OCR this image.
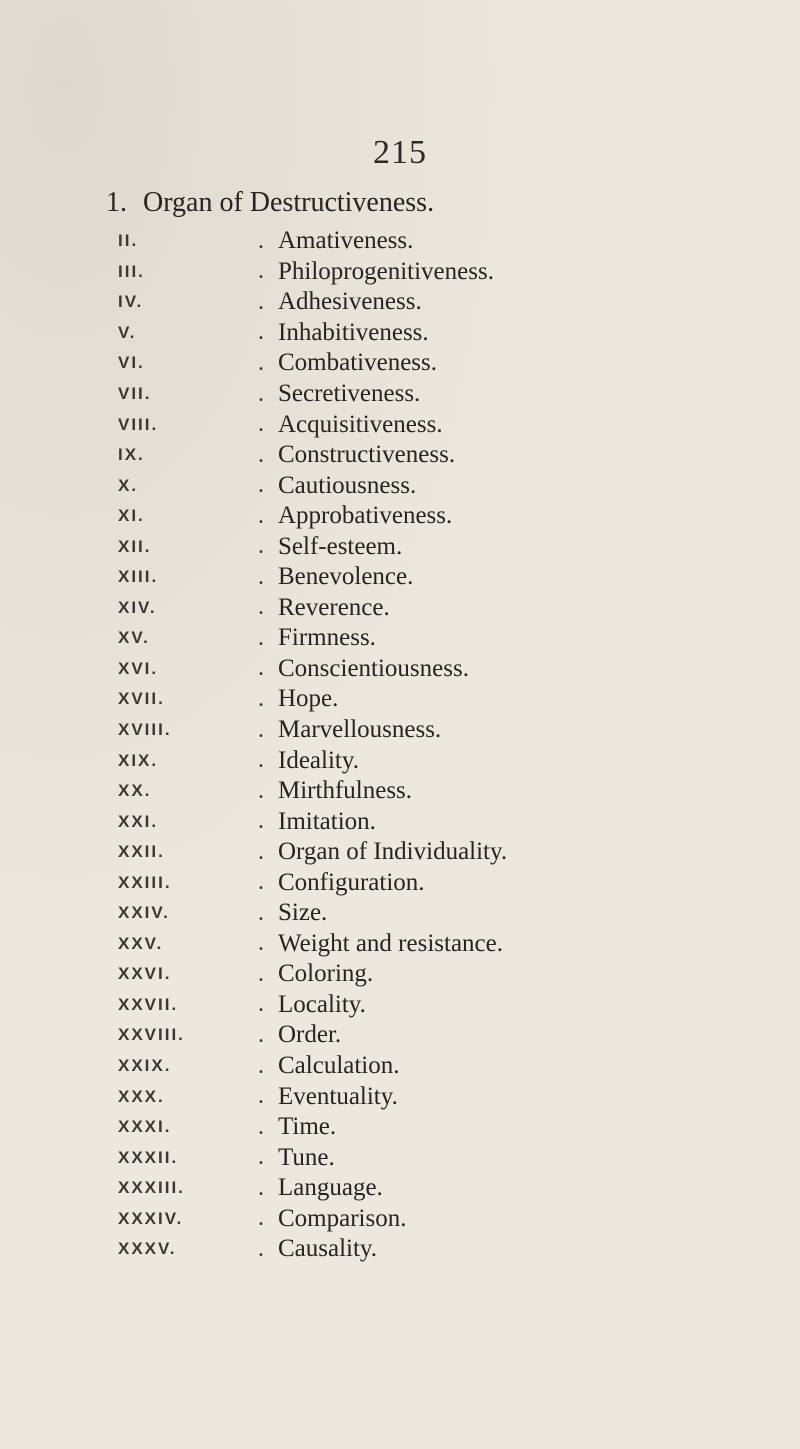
215
1. Organ of Destructiveness.
II.	. Amativeness.
III.	. Philoprogenitiveness.
IV.	. Adhesiveness.
V.	. Inhabitiveness.
VI.	. Combativeness.
VII.	. Secretiveness.
VIII.	. Acquisitiveness.
IX.	. Constructiveness.
X.	. Cautiousness.
XI.	. Approbativeness.
XII.	. Self-esteem.
XIII.	. Benevolence.
XIV.	. Reverence.
XV.	. Firmness.
XVI.	. Conscientiousness.
XVII.	. Hope.
XVIII.	. Marvellousness.
XIX.	. Ideality.
XX.	. Mirthfulness.
XXI.	. Imitation.
XXII.	. Organ of Individuality.
XXIII.	. Configuration.
XXIV.	. Size.
XXV.	. Weight and resistance.
XXVI.	. Coloring.
XXVII.	. Locality.
XXVIII.	. Order.
XXIX.	. Calculation.
XXX.	. Eventuality.
XXXI.	. Time.
XXXII.	. Tune.
XXXIII.	. Language.
XXXIV.	. Comparison.
XXXV.	. Causality.
